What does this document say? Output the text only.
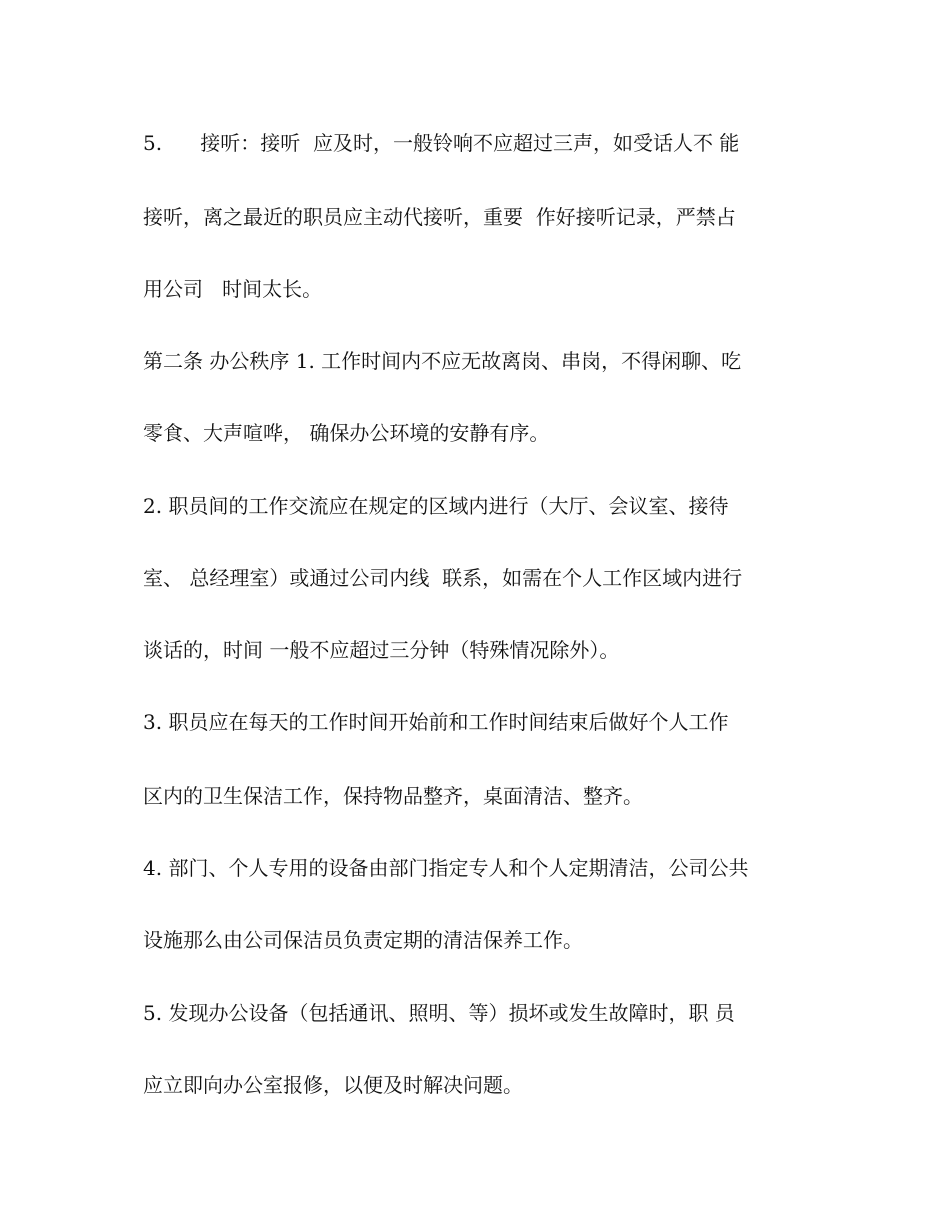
5.      接听：接听  应及时，一般铃响不应超过三声，如受话人不 能
接听，离之最近的职员应主动代接听，重要  作好接听记录，严禁占
用公司   时间太长。
第二条 办公秩序 1. 工作时间内不应无故离岗、串岗，不得闲聊、吃
零食、大声喧哗， 确保办公环境的安静有序。
2. 职员间的工作交流应在规定的区域内进行（大厅、会议室、接待
室、 总经理室）或通过公司内线  联系，如需在个人工作区域内进行
谈话的，时间 一般不应超过三分钟（特殊情况除外）。
3. 职员应在每天的工作时间开始前和工作时间结束后做好个人工作
区内的卫生保洁工作，保持物品整齐，桌面清洁、整齐。
4. 部门、个人专用的设备由部门指定专人和个人定期清洁，公司公共
设施那么由公司保洁员负责定期的清洁保养工作。
5. 发现办公设备（包括通讯、照明、等）损坏或发生故障时，职 员
应立即向办公室报修，以便及时解决问题。
